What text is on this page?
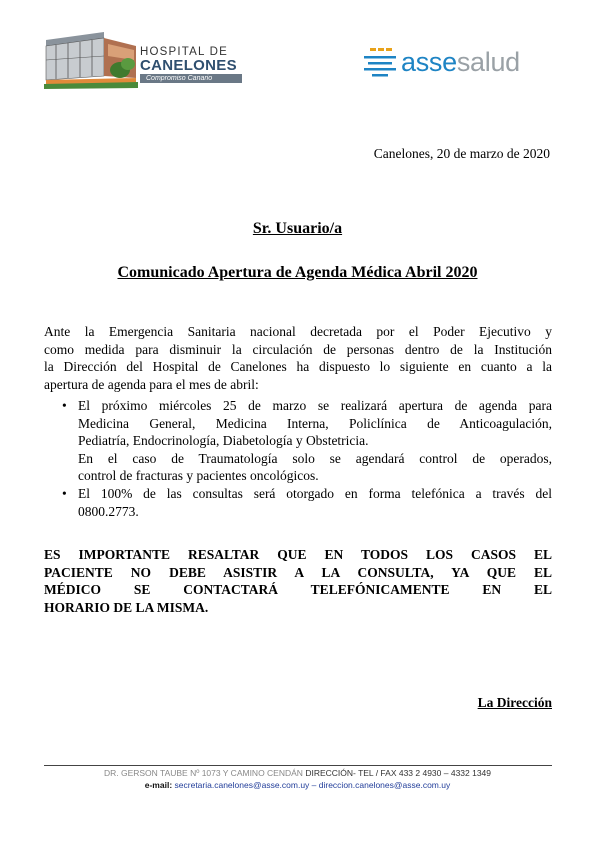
HOSPITAL DE
CANELONES
Compromiso Canario
assesalud
Canelones, 20 de marzo de 2020
Sr. Usuario/a
Comunicado Apertura de Agenda Médica Abril 2020
Ante la Emergencia Sanitaria nacional decretada por el Poder Ejecutivo y
como medida para disminuir la circulación de personas dentro de la Institución
la Dirección del Hospital de Canelones ha dispuesto lo siguiente en cuanto a la
apertura de agenda para el mes de abril:
• El próximo miércoles 25 de marzo se realizará apertura de agenda para
Medicina General, Medicina Interna, Policlínica de Anticoagulación,
Pediatría, Endocrinología, Diabetología y Obstetricia.
En el caso de Traumatología solo se agendará control de operados,
control de fracturas y pacientes oncológicos.
• El 100% de las consultas será otorgado en forma telefónica a través del
0800.2773.
ES IMPORTANTE RESALTAR QUE EN TODOS LOS CASOS EL
PACIENTE NO DEBE ASISTIR A LA CONSULTA, YA QUE EL
MÉDICO SE CONTACTARÁ TELEFÓNICAMENTE EN EL
HORARIO DE LA MISMA.
La Dirección
DR. GERSON TAUBE Nº 1073 Y CAMINO CENDÁN DIRECCIÓN- TEL / FAX 433 2 4930 – 4332 1349
e-mail: secretaria.canelones@asse.com.uy – direccion.canelones@asse.com.uy
